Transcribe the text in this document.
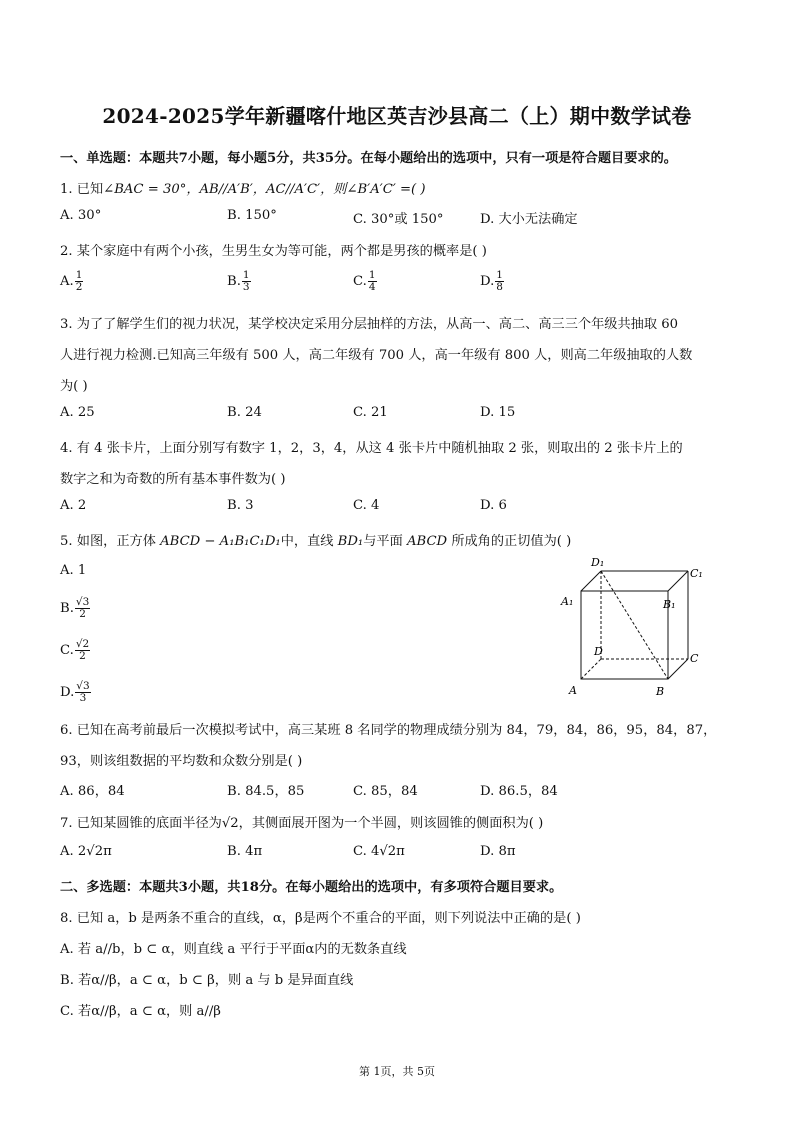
2024-2025学年新疆喀什地区英吉沙县高二（上）期中数学试卷
一、单选题：本题共7小题，每小题5分，共35分。在每小题给出的选项中，只有一项是符合题目要求的。
1. 已知∠BAC = 30°，AB//A′B′，AC//A′C′，则∠B′A′C′ =( )
A. 30°	B. 150°	C. 30°或 150°	D. 大小无法确定
2. 某个家庭中有两个小孩，生男生女为等可能，两个都是男孩的概率是( )
A. $\frac{1}{2}$	B. $\frac{1}{3}$	C. $\frac{1}{4}$	D. $\frac{1}{8}$
3. 为了了解学生们的视力状况，某学校决定采用分层抽样的方法，从高一、高二、高三三个年级共抽取 60
人进行视力检测.已知高三年级有 500 人，高二年级有 700 人，高一年级有 800 人，则高二年级抽取的人数
为( )
A. 25	B. 24	C. 21	D. 15
4. 有 4 张卡片，上面分别写有数字 1，2，3，4，从这 4 张卡片中随机抽取 2 张，则取出的 2 张卡片上的
数字之和为奇数的所有基本事件数为( )
A. 2	B. 3	C. 4	D. 6
5. 如图，正方体 ABCD − A₁B₁C₁D₁中，直线 BD₁与平面 ABCD 所成角的正切值为( )
A. 1
B. $\frac{√3}{2}$
C. $\frac{√2}{2}$
D. $\frac{√3}{3}$
D₁
C₁
A₁	B₁
D
C
A	B
6. 已知在高考前最后一次模拟考试中，高三某班 8 名同学的物理成绩分别为 84，79，84，86，95，84，87，
93，则该组数据的平均数和众数分别是( )
A. 86，84	B. 84.5，85	C. 85，84	D. 86.5，84
7. 已知某圆锥的底面半径为√2，其侧面展开图为一个半圆，则该圆锥的侧面积为( )
A. 2√2π	B. 4π	C. 4√2π	D. 8π
二、多选题：本题共3小题，共18分。在每小题给出的选项中，有多项符合题目要求。
8. 已知 a，b 是两条不重合的直线，α，β是两个不重合的平面，则下列说法中正确的是( )
A. 若 a//b，b ⊂ α，则直线 a 平行于平面α内的无数条直线
B. 若α//β，a ⊂ α，b ⊂ β，则 a 与 b 是异面直线
C. 若α//β，a ⊂ α，则 a//β
第 1页，共 5页
